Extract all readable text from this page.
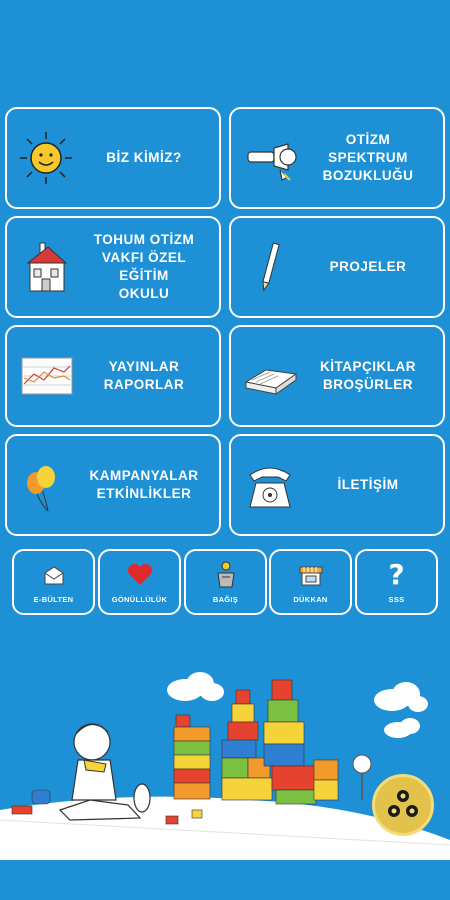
BİZ KİMİZ?
OTİZM
SPEKTRUM
BOZUKLUĞU
TOHUM OTİZM
VAKFI ÖZEL EĞİTİM
OKULU
PROJELER
YAYINLAR
RAPORLAR
KİTAPÇIKLAR
BROŞÜRLER
KAMPANYALAR
ETKİNLİKLER
İLETİŞİM
E-BÜLTEN	GÖNÜLLÜLÜK	BAĞIŞ	DÜKKAN
?
SSS
